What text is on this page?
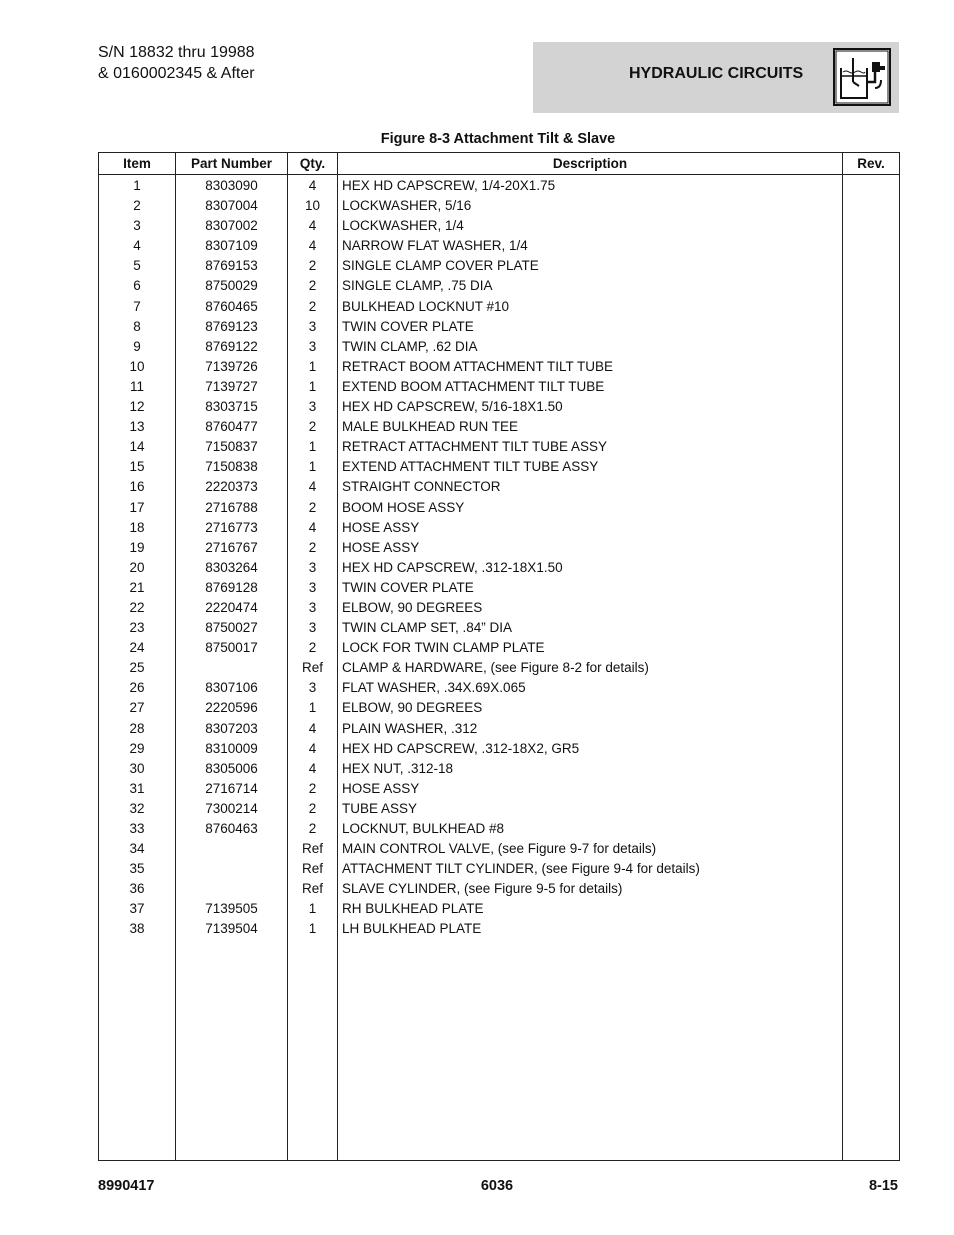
S/N 18832 thru 19988
& 0160002345 & After	HYDRAULIC CIRCUITS
Figure 8-3 Attachment Tilt & Slave
Item	Part Number	Qty.	Description	Rev.
1	8303090	4	HEX HD CAPSCREW, 1/4-20X1.75	
2	8307004	10	LOCKWASHER, 5/16	
3	8307002	4	LOCKWASHER, 1/4	
4	8307109	4	NARROW FLAT WASHER, 1/4	
5	8769153	2	SINGLE CLAMP COVER PLATE	
6	8750029	2	SINGLE CLAMP, .75 DIA	
7	8760465	2	BULKHEAD LOCKNUT #10	
8	8769123	3	TWIN COVER PLATE	
9	8769122	3	TWIN CLAMP, .62 DIA	
10	7139726	1	RETRACT BOOM ATTACHMENT TILT TUBE	
11	7139727	1	EXTEND BOOM ATTACHMENT TILT TUBE	
12	8303715	3	HEX HD CAPSCREW, 5/16-18X1.50	
13	8760477	2	MALE BULKHEAD RUN TEE	
14	7150837	1	RETRACT ATTACHMENT TILT TUBE ASSY	
15	7150838	1	EXTEND ATTACHMENT TILT TUBE ASSY	
16	2220373	4	STRAIGHT CONNECTOR	
17	2716788	2	BOOM HOSE ASSY	
18	2716773	4	HOSE ASSY	
19	2716767	2	HOSE ASSY	
20	8303264	3	HEX HD CAPSCREW, .312-18X1.50	
21	8769128	3	TWIN COVER PLATE	
22	2220474	3	ELBOW, 90 DEGREES	
23	8750027	3	TWIN CLAMP SET, .84” DIA	
24	8750017	2	LOCK FOR TWIN CLAMP PLATE	
25		Ref	CLAMP & HARDWARE, (see Figure 8-2 for details)	
26	8307106	3	FLAT WASHER, .34X.69X.065	
27	2220596	1	ELBOW, 90 DEGREES	
28	8307203	4	PLAIN WASHER, .312	
29	8310009	4	HEX HD CAPSCREW, .312-18X2, GR5	
30	8305006	4	HEX NUT, .312-18	
31	2716714	2	HOSE ASSY	
32	7300214	2	TUBE ASSY	
33	8760463	2	LOCKNUT, BULKHEAD #8	
34		Ref	MAIN CONTROL VALVE, (see Figure 9-7 for details)	
35		Ref	ATTACHMENT TILT CYLINDER, (see Figure 9-4 for details)	
36		Ref	SLAVE CYLINDER, (see Figure 9-5 for details)	
37	7139505	1	RH BULKHEAD PLATE	
38	7139504	1	LH BULKHEAD PLATE	

8990417	6036	8-15
